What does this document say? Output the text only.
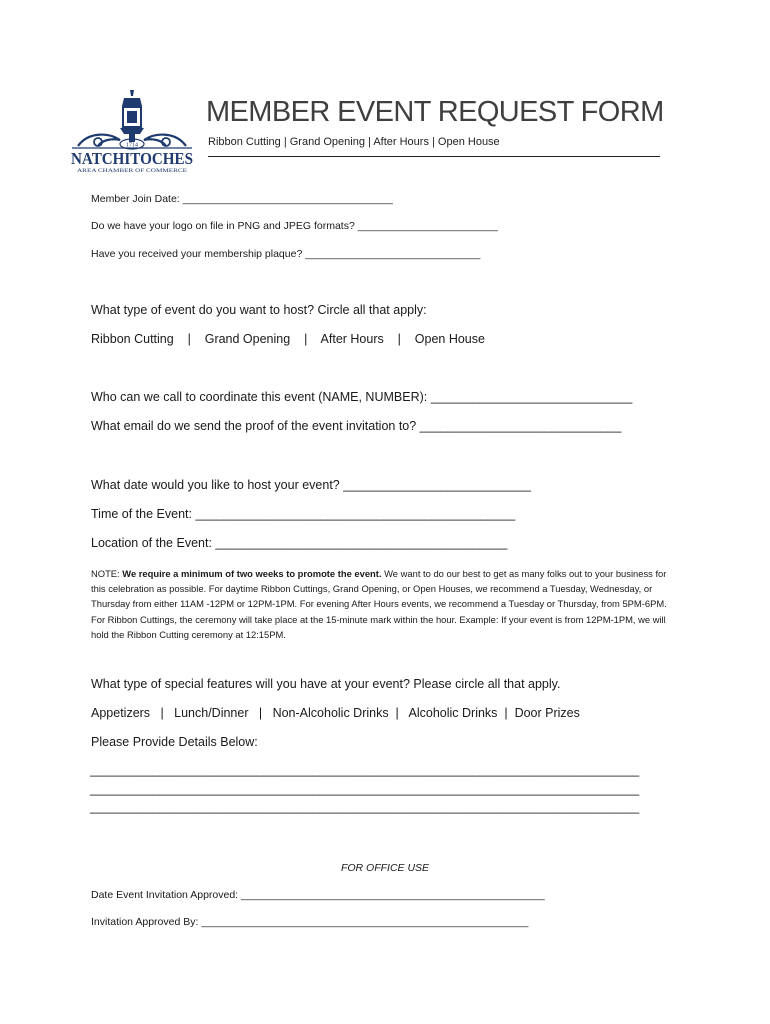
1714
NATCHITOCHES
AREA CHAMBER OF COMMERCE
MEMBER EVENT REQUEST FORM
Ribbon Cutting | Grand Opening | After Hours | Open House
Member Join Date: ____________________________________
Do we have your logo on file in PNG and JPEG formats? ________________________
Have you received your membership plaque? ______________________________
What type of event do you want to host? Circle all that apply:
Ribbon Cutting    |    Grand Opening    |    After Hours    |    Open House
Who can we call to coordinate this event (NAME, NUMBER): _____________________________
What email do we send the proof of the event invitation to? _____________________________
What date would you like to host your event? ___________________________
Time of the Event: ______________________________________________
Location of the Event: __________________________________________
NOTE: We require a minimum of two weeks to promote the event. We want to do our best to get as many folks out to your business for this celebration as possible. For daytime Ribbon Cuttings, Grand Opening, or Open Houses, we recommend a Tuesday, Wednesday, or Thursday from either 11AM -12PM or 12PM-1PM. For evening After Hours events, we recommend a Tuesday or Thursday, from 5PM-6PM. For Ribbon Cuttings, the ceremony will take place at the 15-minute mark within the hour. Example: If your event is from 12PM-1PM, we will hold the Ribbon Cutting ceremony at 12:15PM.
What type of special features will you have at your event? Please circle all that apply.
Appetizers   |   Lunch/Dinner   |   Non-Alcoholic Drinks  |   Alcoholic Drinks  |  Door Prizes
Please Provide Details Below:
_______________________________________________________________________________
_______________________________________________________________________________
_______________________________________________________________________________
FOR OFFICE USE
Date Event Invitation Approved: ____________________________________________________
Invitation Approved By: ________________________________________________________
